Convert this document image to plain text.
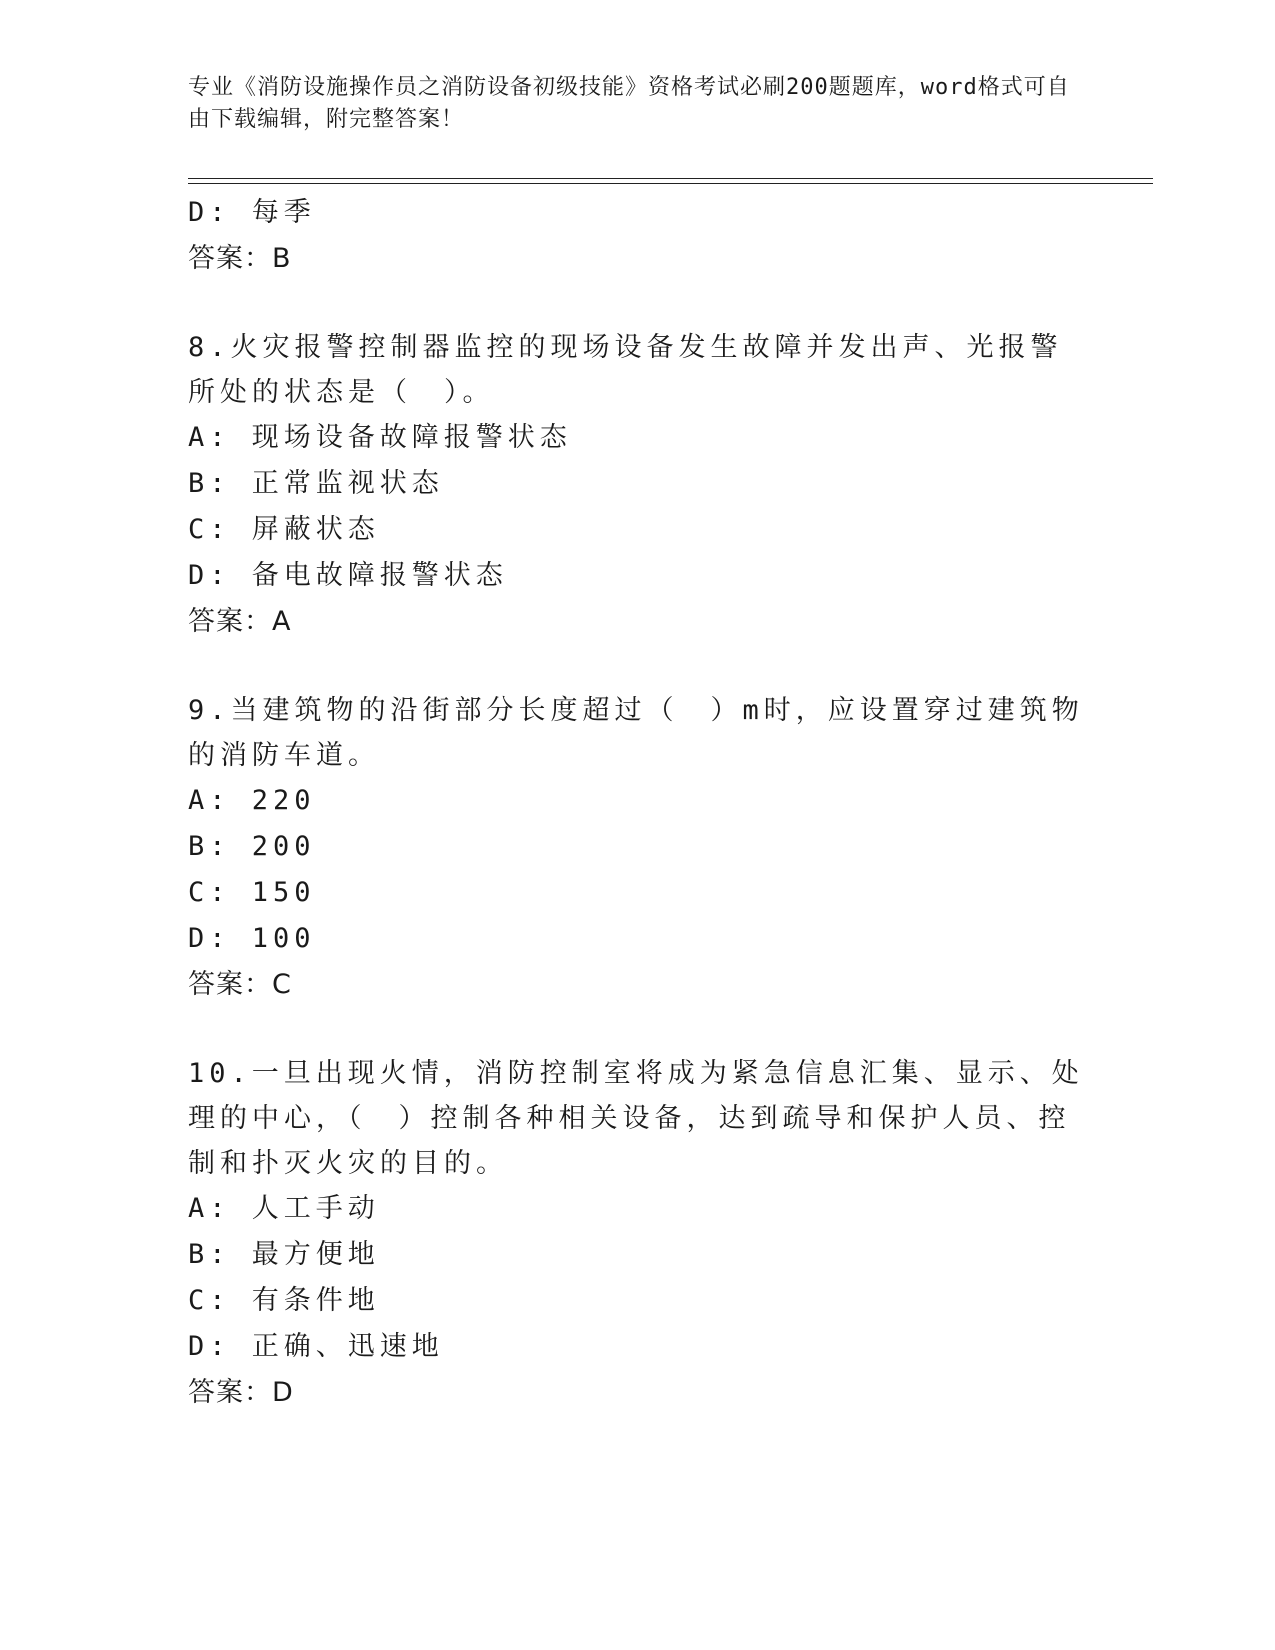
专业《消防设施操作员之消防设备初级技能》资格考试必刷200题题库，word格式可自由下载编辑，附完整答案！
D: 每季
答案：B
8.火灾报警控制器监控的现场设备发生故障并发出声、光报警所处的状态是（　）。
A: 现场设备故障报警状态
B: 正常监视状态
C: 屏蔽状态
D: 备电故障报警状态
答案：A
9.当建筑物的沿街部分长度超过（　）m时，应设置穿过建筑物的消防车道。
A: 220
B: 200
C: 150
D: 100
答案：C
10.一旦出现火情，消防控制室将成为紧急信息汇集、显示、处理的中心，（　）控制各种相关设备，达到疏导和保护人员、控制和扑灭火灾的目的。
A: 人工手动
B: 最方便地
C: 有条件地
D: 正确、迅速地
答案：D
